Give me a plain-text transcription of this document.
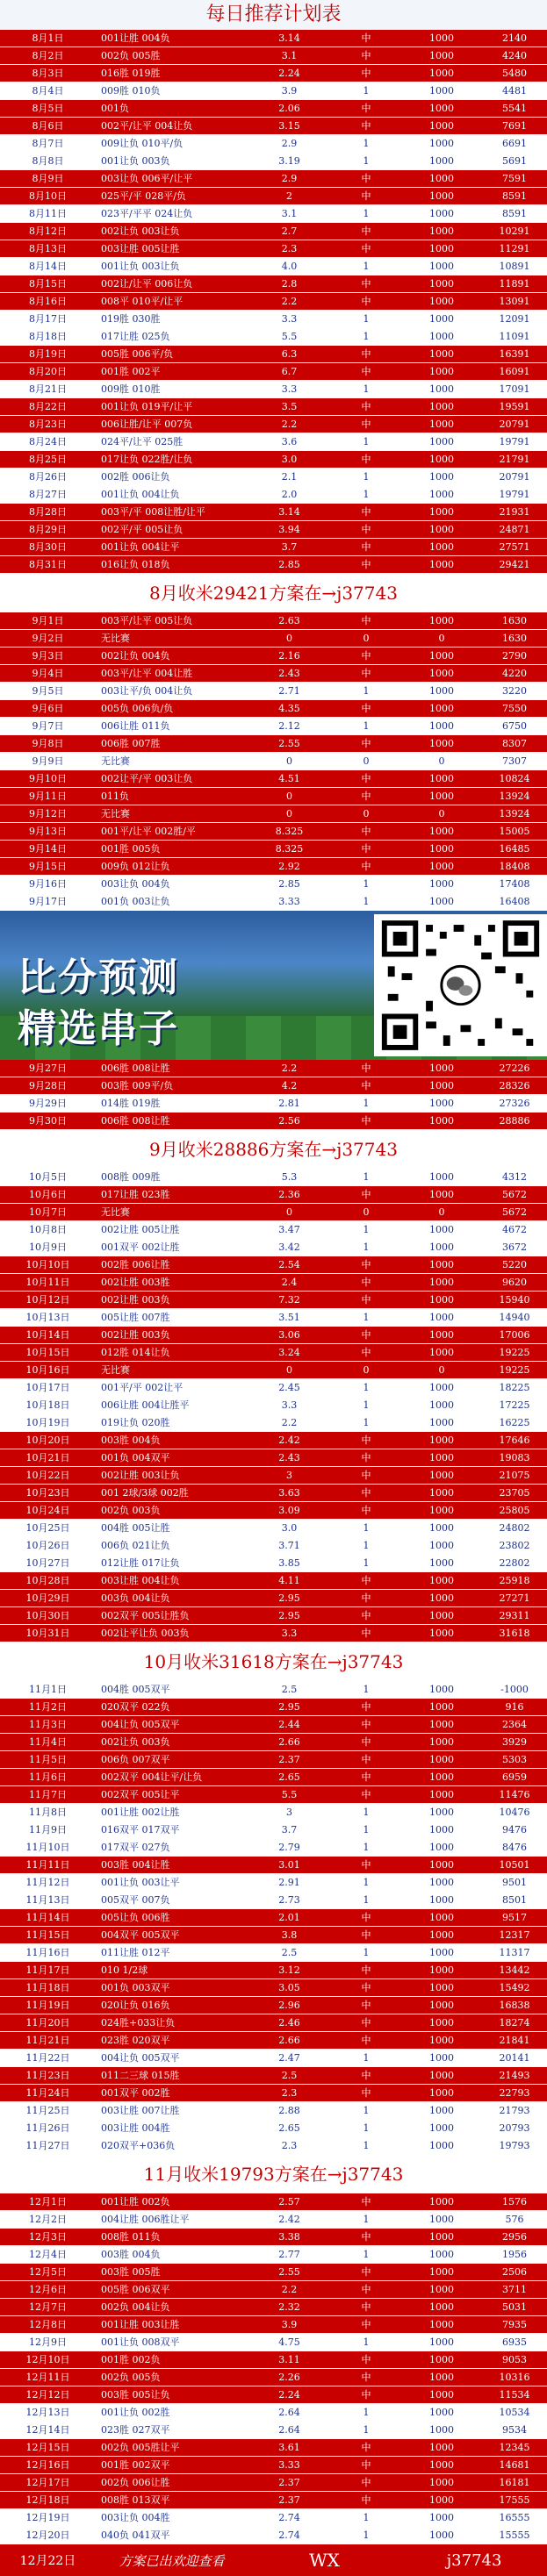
每日推荐计划表
8月1日	001让胜 004负	3.14	中	1000	2140
8月2日	002负 005胜	3.1	中	1000	4240
8月3日	016胜 019胜	2.24	中	1000	5480
8月4日	009胜 010负	3.9	1	1000	4481
8月5日	001负	2.06	中	1000	5541
8月6日	002平/让平 004让负	3.15	中	1000	7691
8月7日	009让负 010平/负	2.9	1	1000	6691
8月8日	001让负 003负	3.19	1	1000	5691
8月9日	003让负 006平/让平	2.9	中	1000	7591
8月10日	025平/平 028平/负	2	中	1000	8591
8月11日	023平/平平 024让负	3.1	1	1000	8591
8月12日	002让负 003让负	2.7	中	1000	10291
8月13日	003让胜 005让胜	2.3	中	1000	11291
8月14日	001让负 003让负	4.0	1	1000	10891
8月15日	002让/让平 006让负	2.8	中	1000	11891
8月16日	008平 010平/让平	2.2	中	1000	13091
8月17日	019胜 030胜	3.3	1	1000	12091
8月18日	017让胜 025负	5.5	1	1000	11091
8月19日	005胜 006平/负	6.3	中	1000	16391
8月20日	001胜 002平	6.7	中	1000	16091
8月21日	009胜 010胜	3.3	1	1000	17091
8月22日	001让负 019平/让平	3.5	中	1000	19591
8月23日	006让胜/让平 007负	2.2	中	1000	20791
8月24日	024平/让平 025胜	3.6	1	1000	19791
8月25日	017让负 022胜/让负	3.0	中	1000	21791
8月26日	002胜 006让负	2.1	1	1000	20791
8月27日	001让负 004让负	2.0	1	1000	19791
8月28日	003平/平 008让胜/让平	3.14	中	1000	21931
8月29日	002平/平 005让负	3.94	中	1000	24871
8月30日	001让负 004让平	3.7	中	1000	27571
8月31日	016让负 018负	2.85	中	1000	29421
8月收米29421方案在→j37743
9月1日	003平/让平 005让负	2.63	中	1000	1630
9月2日	无比赛	0	0	0	1630
9月3日	002让负 004负	2.16	中	1000	2790
9月4日	003平/让平 004让胜	2.43	中	1000	4220
9月5日	003让平/负 004让负	2.71	1	1000	3220
9月6日	005负 006负/负	4.35	中	1000	7550
9月7日	006让胜 011负	2.12	1	1000	6750
9月8日	006胜 007胜	2.55	中	1000	8307
9月9日	无比赛	0	0	0	7307
9月10日	002让平/平 003让负	4.51	中	1000	10824
9月11日	011负	0	中	1000	13924
9月12日	无比赛	0	0	0	13924
9月13日	001平/让平 002胜/平	8.325	中	1000	15005
9月14日	001胜 005负	8.325	中	1000	16485
9月15日	009负 012让负	2.92	中	1000	18408
9月16日	003让负 004负	2.85	1	1000	17408
9月17日	001负 003让负	3.33	1	1000	16408
比分预测
精选串子
9月27日	006胜 008让胜	2.2	中	1000	27226
9月28日	003胜 009平/负	4.2	中	1000	28326
9月29日	014胜 019胜	2.81	1	1000	27326
9月30日	006胜 008让胜	2.56	中	1000	28886
9月收米28886方案在→j37743
10月5日	008胜 009胜	5.3	1	1000	4312
10月6日	017让胜 023胜	2.36	中	1000	5672
10月7日	无比赛	0	0	0	5672
10月8日	002让胜 005让胜	3.47	1	1000	4672
10月9日	001双平 002让胜	3.42	1	1000	3672
10月10日	002胜 006让胜	2.54	中	1000	5220
10月11日	002让胜 003胜	2.4	中	1000	9620
10月12日	002让胜 003负	7.32	中	1000	15940
10月13日	005让胜 007胜	3.51	1	1000	14940
10月14日	002让胜 003负	3.06	中	1000	17006
10月15日	012胜 014让负	3.24	中	1000	19225
10月16日	无比赛	0	0	0	19225
10月17日	001平/平 002让平	2.45	1	1000	18225
10月18日	006让胜 004让胜平	3.3	1	1000	17225
10月19日	019让负 020胜	2.2	1	1000	16225
10月20日	003胜 004负	2.42	中	1000	17646
10月21日	001负 004双平	2.43	中	1000	19083
10月22日	002让胜 003让负	3	中	1000	21075
10月23日	001 2球/3球 002胜	3.63	中	1000	23705
10月24日	002负 003负	3.09	中	1000	25805
10月25日	004胜 005让胜	3.0	1	1000	24802
10月26日	006负 021让负	3.71	1	1000	23802
10月27日	012让胜 017让负	3.85	1	1000	22802
10月28日	003让胜 004让负	4.11	中	1000	25918
10月29日	003负 004让负	2.95	中	1000	27271
10月30日	002双平 005让胜负	2.95	中	1000	29311
10月31日	002让平让负 003负	3.3	中	1000	31618
10月收米31618方案在→j37743
11月1日	004胜 005双平	2.5	1	1000	-1000
11月2日	020双平 022负	2.95	中	1000	916
11月3日	004让负 005双平	2.44	中	1000	2364
11月4日	002让负 003负	2.66	中	1000	3929
11月5日	006负 007双平	2.37	中	1000	5303
11月6日	002双平 004让平/让负	2.65	中	1000	6959
11月7日	002双平 005让平	5.5	中	1000	11476
11月8日	001让胜 002让胜	3	1	1000	10476
11月9日	016双平 017双平	3.7	1	1000	9476
11月10日	017双平 027负	2.79	1	1000	8476
11月11日	003胜 004让胜	3.01	中	1000	10501
11月12日	001让负 003让平	2.91	1	1000	9501
11月13日	005双平 007负	2.73	1	1000	8501
11月14日	005让负 006胜	2.01	中	1000	9517
11月15日	004双平 005双平	3.8	中	1000	12317
11月16日	011让胜 012平	2.5	1	1000	11317
11月17日	010 1/2球	3.12	中	1000	13442
11月18日	001负 003双平	3.05	中	1000	15492
11月19日	020让负 016负	2.96	中	1000	16838
11月20日	024胜+033让负	2.46	中	1000	18274
11月21日	023胜 020双平	2.66	中	1000	21841
11月22日	004让负 005双平	2.47	1	1000	20141
11月23日	011二三球 015胜	2.5	中	1000	21493
11月24日	001双平 002胜	2.3	中	1000	22793
11月25日	003让胜 007让胜	2.88	1	1000	21793
11月26日	003让胜 004胜	2.65	1	1000	20793
11月27日	020双平+036负	2.3	1	1000	19793
11月收米19793方案在→j37743
12月1日	001让胜 002负	2.57	中	1000	1576
12月2日	004让胜 006胜让平	2.42	1	1000	576
12月3日	008胜 011负	3.38	中	1000	2956
12月4日	003胜 004负	2.77	1	1000	1956
12月5日	003胜 005胜	2.55	中	1000	2506
12月6日	005胜 006双平	2.2	中	1000	3711
12月7日	002负 004让负	2.32	中	1000	5031
12月8日	001让胜 003让胜	3.9	中	1000	7935
12月9日	001让负 008双平	4.75	1	1000	6935
12月10日	001胜 002负	3.11	中	1000	9053
12月11日	002负 005负	2.26	中	1000	10316
12月12日	003胜 005让负	2.24	中	1000	11534
12月13日	001让负 002胜	2.64	1	1000	10534
12月14日	023胜 027双平	2.64	1	1000	9534
12月15日	002负 005胜让平	3.61	中	1000	12345
12月16日	001胜 002双平	3.33	中	1000	14681
12月17日	002负 006让胜	2.37	中	1000	16181
12月18日	008胜 013双平	2.37	中	1000	17555
12月19日	003让负 004胜	2.74	1	1000	16555
12月20日	040负 041双平	2.74	1	1000	15555
12月22日	方案已出欢迎查看	WX	j37743
